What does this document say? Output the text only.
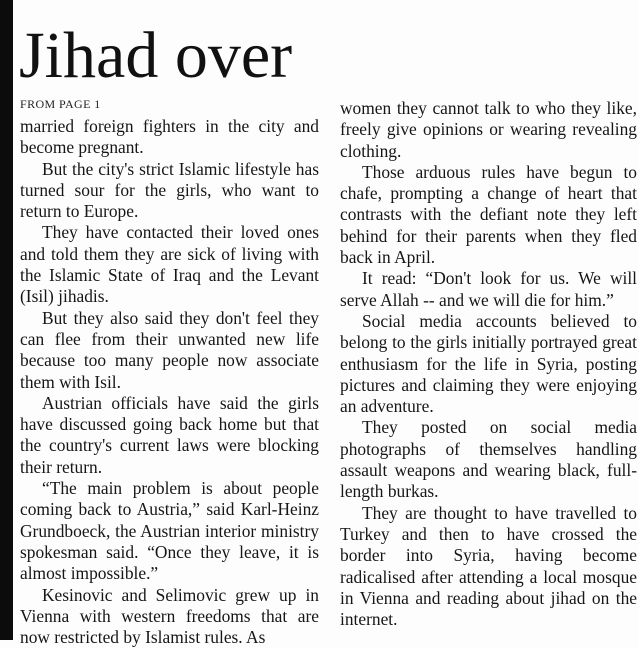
Jihad over
FROM PAGE 1

married foreign fighters in the city and become pregnant.

But the city's strict Islamic lifestyle has turned sour for the girls, who want to return to Europe.

They have contacted their loved ones and told them they are sick of living with the Islamic State of Iraq and the Levant (Isil) jihadis.

But they also said they don't feel they can flee from their unwanted new life because too many people now associate them with Isil.

Austrian officials have said the girls have discussed going back home but that the country's current laws were blocking their return.

“The main problem is about people coming back to Austria,” said Karl-Heinz Grundboeck, the Austrian interior ministry spokesman said. “Once they leave, it is almost impossible.”

Kesinovic and Selimovic grew up in Vienna with western freedoms that are now restricted by Islamist rules. As

women they cannot talk to who they like, freely give opinions or wearing revealing clothing.

Those arduous rules have begun to chafe, prompting a change of heart that contrasts with the defiant note they left behind for their parents when they fled back in April.

It read: “Don't look for us. We will serve Allah -- and we will die for him.”

Social media accounts believed to belong to the girls initially portrayed great enthusiasm for the life in Syria, posting pictures and claiming they were enjoying an adventure.

They posted on social media photographs of themselves handling assault weapons and wearing black, full-length burkas.

They are thought to have travelled to Turkey and then to have crossed the border into Syria, having become radicalised after attending a local mosque in Vienna and reading about jihad on the internet.
